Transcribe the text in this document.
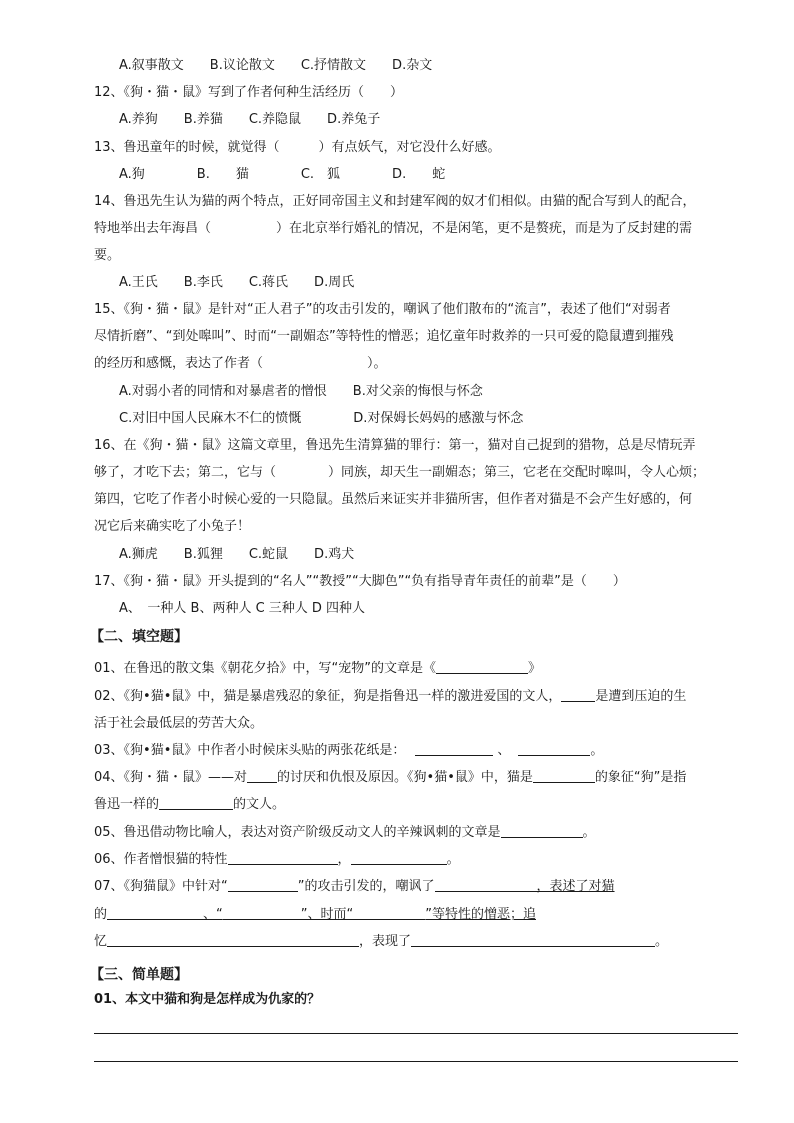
A.叙事散文　　B.议论散文　　C.抒情散文　　D.杂文
12、《狗・猫・鼠》写到了作者何种生活经历（　　）
A.养狗　　B.养猫　　C.养隐鼠　　D.养兔子
13、鲁迅童年的时候，就觉得（　　　）有点妖气，对它没什么好感。
A.狗　　　　B.　　猫　　　　C.　狐　　　　D.　　蛇
14、鲁迅先生认为猫的两个特点，正好同帝国主义和封建军阀的奴才们相似。由猫的配合写到人的配合，
特地举出去年海昌（　　　　　）在北京举行婚礼的情况，不是闲笔，更不是赘疣，而是为了反封建的需
要。
A.王氏　　B.李氏　　C.蒋氏　　D.周氏
15、《狗・猫・鼠》是针对“正人君子”的攻击引发的，嘲讽了他们散布的“流言”，表述了他们“对弱者
尽情折磨”、“到处嗥叫”、时而“一副媚态”等特性的憎恶；追忆童年时救养的一只可爱的隐鼠遭到摧残
的经历和感慨，表达了作者（　　　　　　　　）。
A.对弱小者的同情和对暴虐者的憎恨　　B.对父亲的悔恨与怀念
C.对旧中国人民麻木不仁的愤慨　　　　D.对保姆长妈妈的感激与怀念
16、在《狗・猫・鼠》这篇文章里，鲁迅先生清算猫的罪行：第一，猫对自己捉到的猎物，总是尽情玩弄
够了，才吃下去；第二，它与（　　　　）同族，却天生一副媚态；第三，它老在交配时嗥叫，令人心烦；
第四，它吃了作者小时候心爱的一只隐鼠。虽然后来证实并非猫所害，但作者对猫是不会产生好感的，何
况它后来确实吃了小兔子！
A.狮虎　　B.狐狸　　C.蛇鼠　　D.鸡犬
17、《狗・猫・鼠》开头提到的“名人”“教授”“大脚色”“负有指导青年责任的前辈”是（　　）
A、　一种人 B、两种人 C 三种人 D 四种人
【二、填空题】
01、在鲁迅的散文集《朝花夕拾》中，写“宠物”的文章是《	》
02、《狗•猫•鼠》中，猫是暴虐残忍的象征，狗是指鲁迅一样的激进爱国的文人，	是遭到压迫的生
活于社会最低层的劳苦大众。
03、《狗•猫•鼠》中作者小时候床头贴的两张花纸是：	、	。
04、《狗・猫・鼠》——对 的讨厌和仇恨及原因。《狗•猫•鼠》中，猫是	的象征“狗”是指
鲁迅一样的	的文人。
05、鲁迅借动物比喻人，表达对资产阶级反动文人的辛辣讽刺的文章是	。
06、作者憎恨猫的特性	，	。
07、《狗猫鼠》中针对“	”的攻击引发的，嘲讽了	，表述了对猫
的	、“	”、时而“	”等特性的憎恶；追
忆	，表现了	。
【三、简单题】
01、本文中猫和狗是怎样成为仇家的？
